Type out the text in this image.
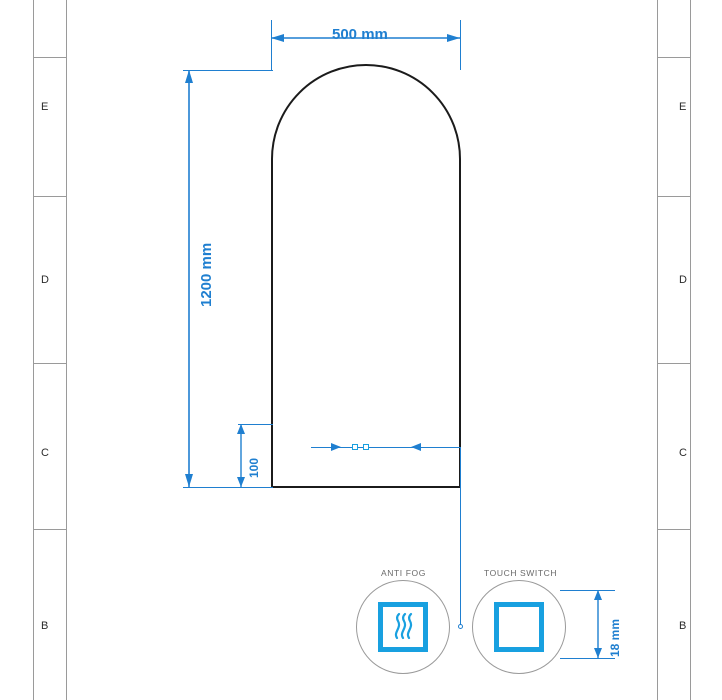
E
D
C
B
E
D
C
B
500 mm
1200 mm
100
18 mm
ANTI FOG	TOUCH SWITCH
